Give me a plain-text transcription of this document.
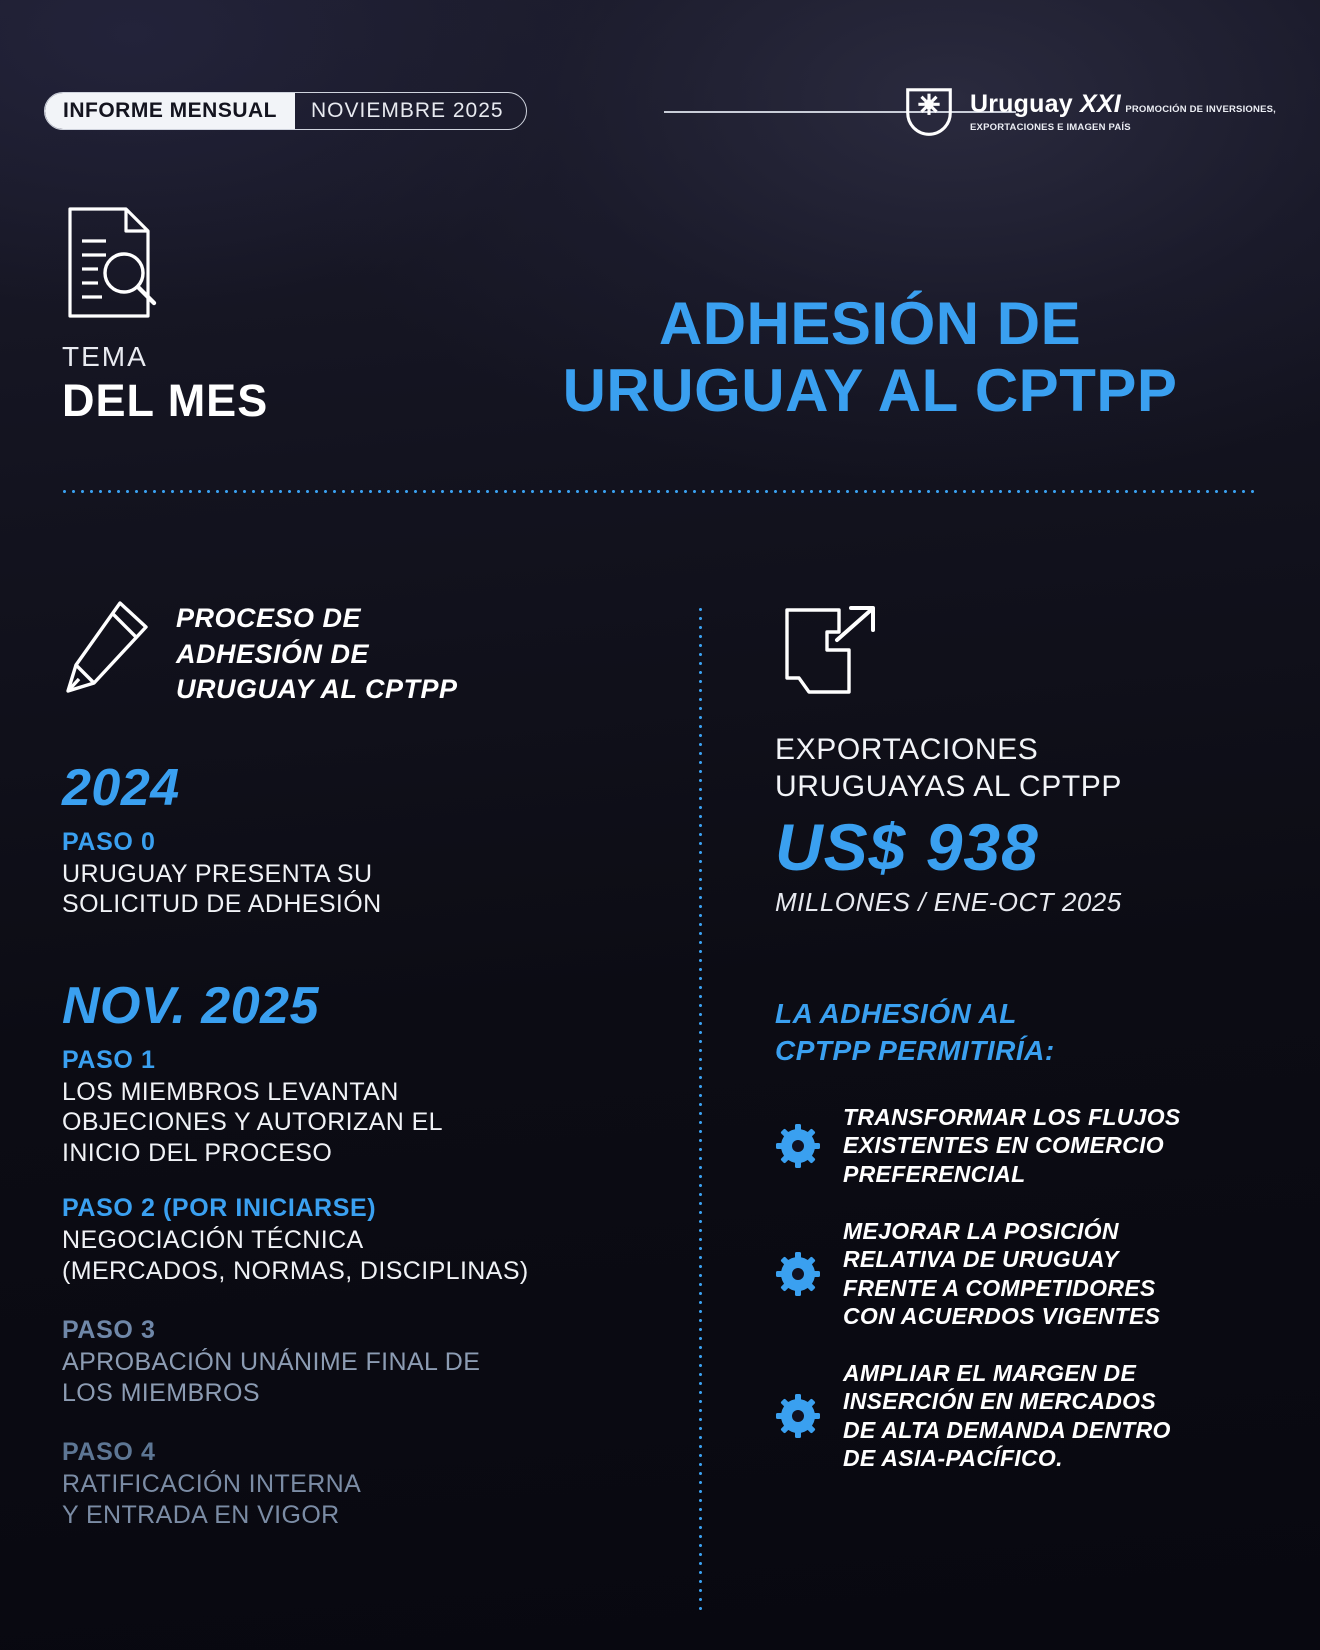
INFORME MENSUAL	NOVIEMBRE 2025	Uruguay XXI PROMOCIÓN DE INVERSIONES,
EXPORTACIONES E IMAGEN PAÍS
TEMA
DEL MES
ADHESIÓN DE
URUGUAY AL CPTPP
PROCESO DE
ADHESIÓN DE
URUGUAY AL CPTPP
2024
PASO 0
URUGUAY PRESENTA SU
SOLICITUD DE ADHESIÓN
NOV. 2025
PASO 1
LOS MIEMBROS LEVANTAN
OBJECIONES Y AUTORIZAN EL
INICIO DEL PROCESO
PASO 2 (POR INICIARSE)
NEGOCIACIÓN TÉCNICA
(MERCADOS, NORMAS, DISCIPLINAS)
PASO 3
APROBACIÓN UNÁNIME FINAL DE
LOS MIEMBROS
PASO 4
RATIFICACIÓN INTERNA
Y ENTRADA EN VIGOR
EXPORTACIONES
URUGUAYAS AL CPTPP
US$ 938
MILLONES / ENE-OCT 2025
LA ADHESIÓN AL
CPTPP PERMITIRÍA:
TRANSFORMAR LOS FLUJOS
EXISTENTES EN COMERCIO
PREFERENCIAL
MEJORAR LA POSICIÓN
RELATIVA DE URUGUAY
FRENTE A COMPETIDORES
CON ACUERDOS VIGENTES
AMPLIAR EL MARGEN DE
INSERCIÓN EN MERCADOS
DE ALTA DEMANDA DENTRO
DE ASIA-PACÍFICO.
